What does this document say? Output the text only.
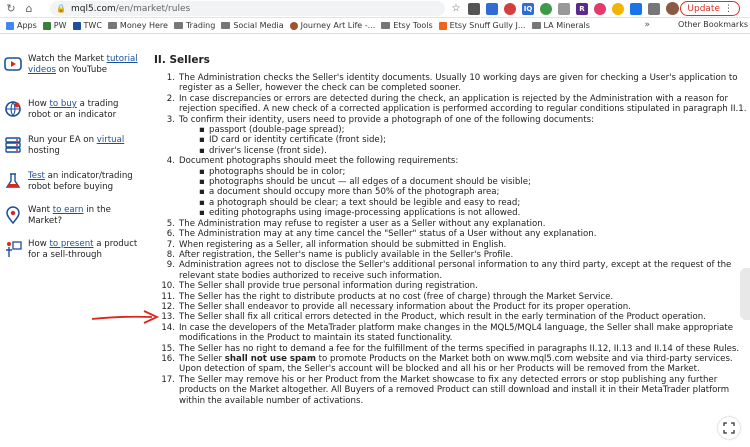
↻ ⌂	🔒 mql5.com /en/market/rules	☆	IQ	R	Update ⋮
Apps PW TWC Money Here Trading Social Media Journey Art Life -... Etsy Tools Etsy Snuff Gully J... LA Minerals	»	Other Bookmarks
Watch the Market tutorial videos on YouTube
How to buy a trading robot or an indicator
Run your EA on virtual hosting
Test an indicator/trading robot before buying
Want to earn in the Market?
How to present a product for a sell-through
II. Sellers
1. The Administration checks the Seller's identity documents. Usually 10 working days are given for checking a User's application to register as a Seller, however the check can be completed sooner.
2. In case discrepancies or errors are detected during the check, an application is rejected by the Administration with a reason for rejection specified. A new check of a corrected application is performed according to regular conditions stipulated in paragraph II.1.
3. To confirm their identity, users need to provide a photograph of one of the following documents:
▪ passport (double-page spread);
▪ ID card or identity certificate (front side);
▪ driver's license (front side).
4. Document photographs should meet the following requirements:
▪ photographs should be in color;
▪ photographs should be uncut — all edges of a document should be visible;
▪ a document should occupy more than 50% of the photograph area;
▪ a photograph should be clear; a text should be legible and easy to read;
▪ editing photographs using image-processing applications is not allowed.
5. The Administration may refuse to register a user as a Seller without any explanation.
6. The Administration may at any time cancel the "Seller" status of a User without any explanation.
7. When registering as a Seller, all information should be submitted in English.
8. After registration, the Seller's name is publicly available in the Seller's Profile.
9. Administration agrees not to disclose the Seller's additional personal information to any third party, except at the request of the relevant state bodies authorized to receive such information.
10. The Seller shall provide true personal information during registration.
11. The Seller has the right to distribute products at no cost (free of charge) through the Market Service.
12. The Seller shall endeavor to provide all necessary information about the Product for its proper operation.
13. The Seller shall fix all critical errors detected in the Product, which result in the early termination of the Product operation.
14. In case the developers of the MetaTrader platform make changes in the MQL5/MQL4 language, the Seller shall make appropriate modifications in the Product to maintain its stated functionality.
15. The Seller has no right to demand a fee for the fulfillment of the terms specified in paragraphs II.12, II.13 and II.14 of these Rules.
16. The Seller shall not use spam to promote Products on the Market both on www.mql5.com website and via third-party services. Upon detection of spam, the Seller's account will be blocked and all his or her Products will be removed from the Market.
17. The Seller may remove his or her Product from the Market showcase to fix any detected errors or stop publishing any further products on the Market altogether. All Buyers of a removed Product can still download and install it in their MetaTrader platform within the available number of activations.
